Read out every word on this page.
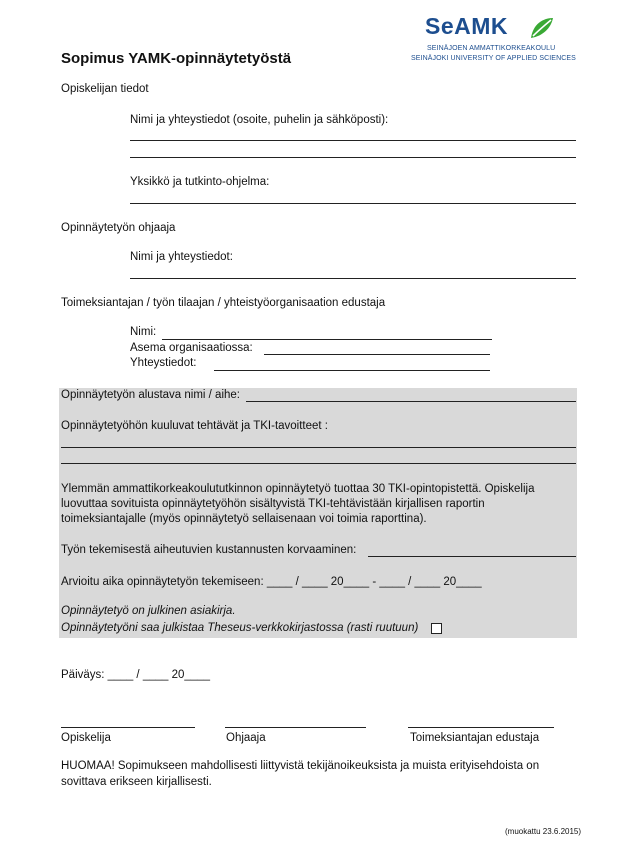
SeAMK
SEINÄJOEN AMMATTIKORKEAKOULU
SEINÄJOKI UNIVERSITY OF APPLIED SCIENCES
Sopimus YAMK-opinnäytetyöstä
Opiskelijan tiedot
Nimi ja yhteystiedot (osoite, puhelin ja sähköposti):
Yksikkö ja tutkinto-ohjelma:
Opinnäytetyön ohjaaja
Nimi ja yhteystiedot:
Toimeksiantajan / työn tilaajan / yhteistyöorganisaation edustaja
Nimi:
Asema organisaatiossa:
Yhteystiedot:
Opinnäytetyön alustava nimi / aihe:
Opinnäytetyöhön kuuluvat tehtävät ja TKI-tavoitteet :
Ylemmän ammattikorkeakoulututkinnon opinnäytetyö tuottaa 30 TKI-opintopistettä. Opiskelija
luovuttaa sovituista opinnäytetyöhön sisältyvistä TKI-tehtävistään kirjallisen raportin
toimeksiantajalle (myös opinnäytetyö sellaisenaan voi toimia raporttina).
Työn tekemisestä aiheutuvien kustannusten korvaaminen:
Arvioitu aika opinnäytetyön tekemiseen: ____ / ____ 20____ - ____ / ____ 20____
Opinnäytetyö on julkinen asiakirja.
Opinnäytetyöni saa julkistaa Theseus-verkkokirjastossa (rasti ruutuun)
Päiväys: ____ / ____ 20____
Opiskelija	Ohjaaja	Toimeksiantajan edustaja
HUOMAA! Sopimukseen mahdollisesti liittyvistä tekijänoikeuksista ja muista erityisehdoista on
sovittava erikseen kirjallisesti.
(muokattu 23.6.2015)
